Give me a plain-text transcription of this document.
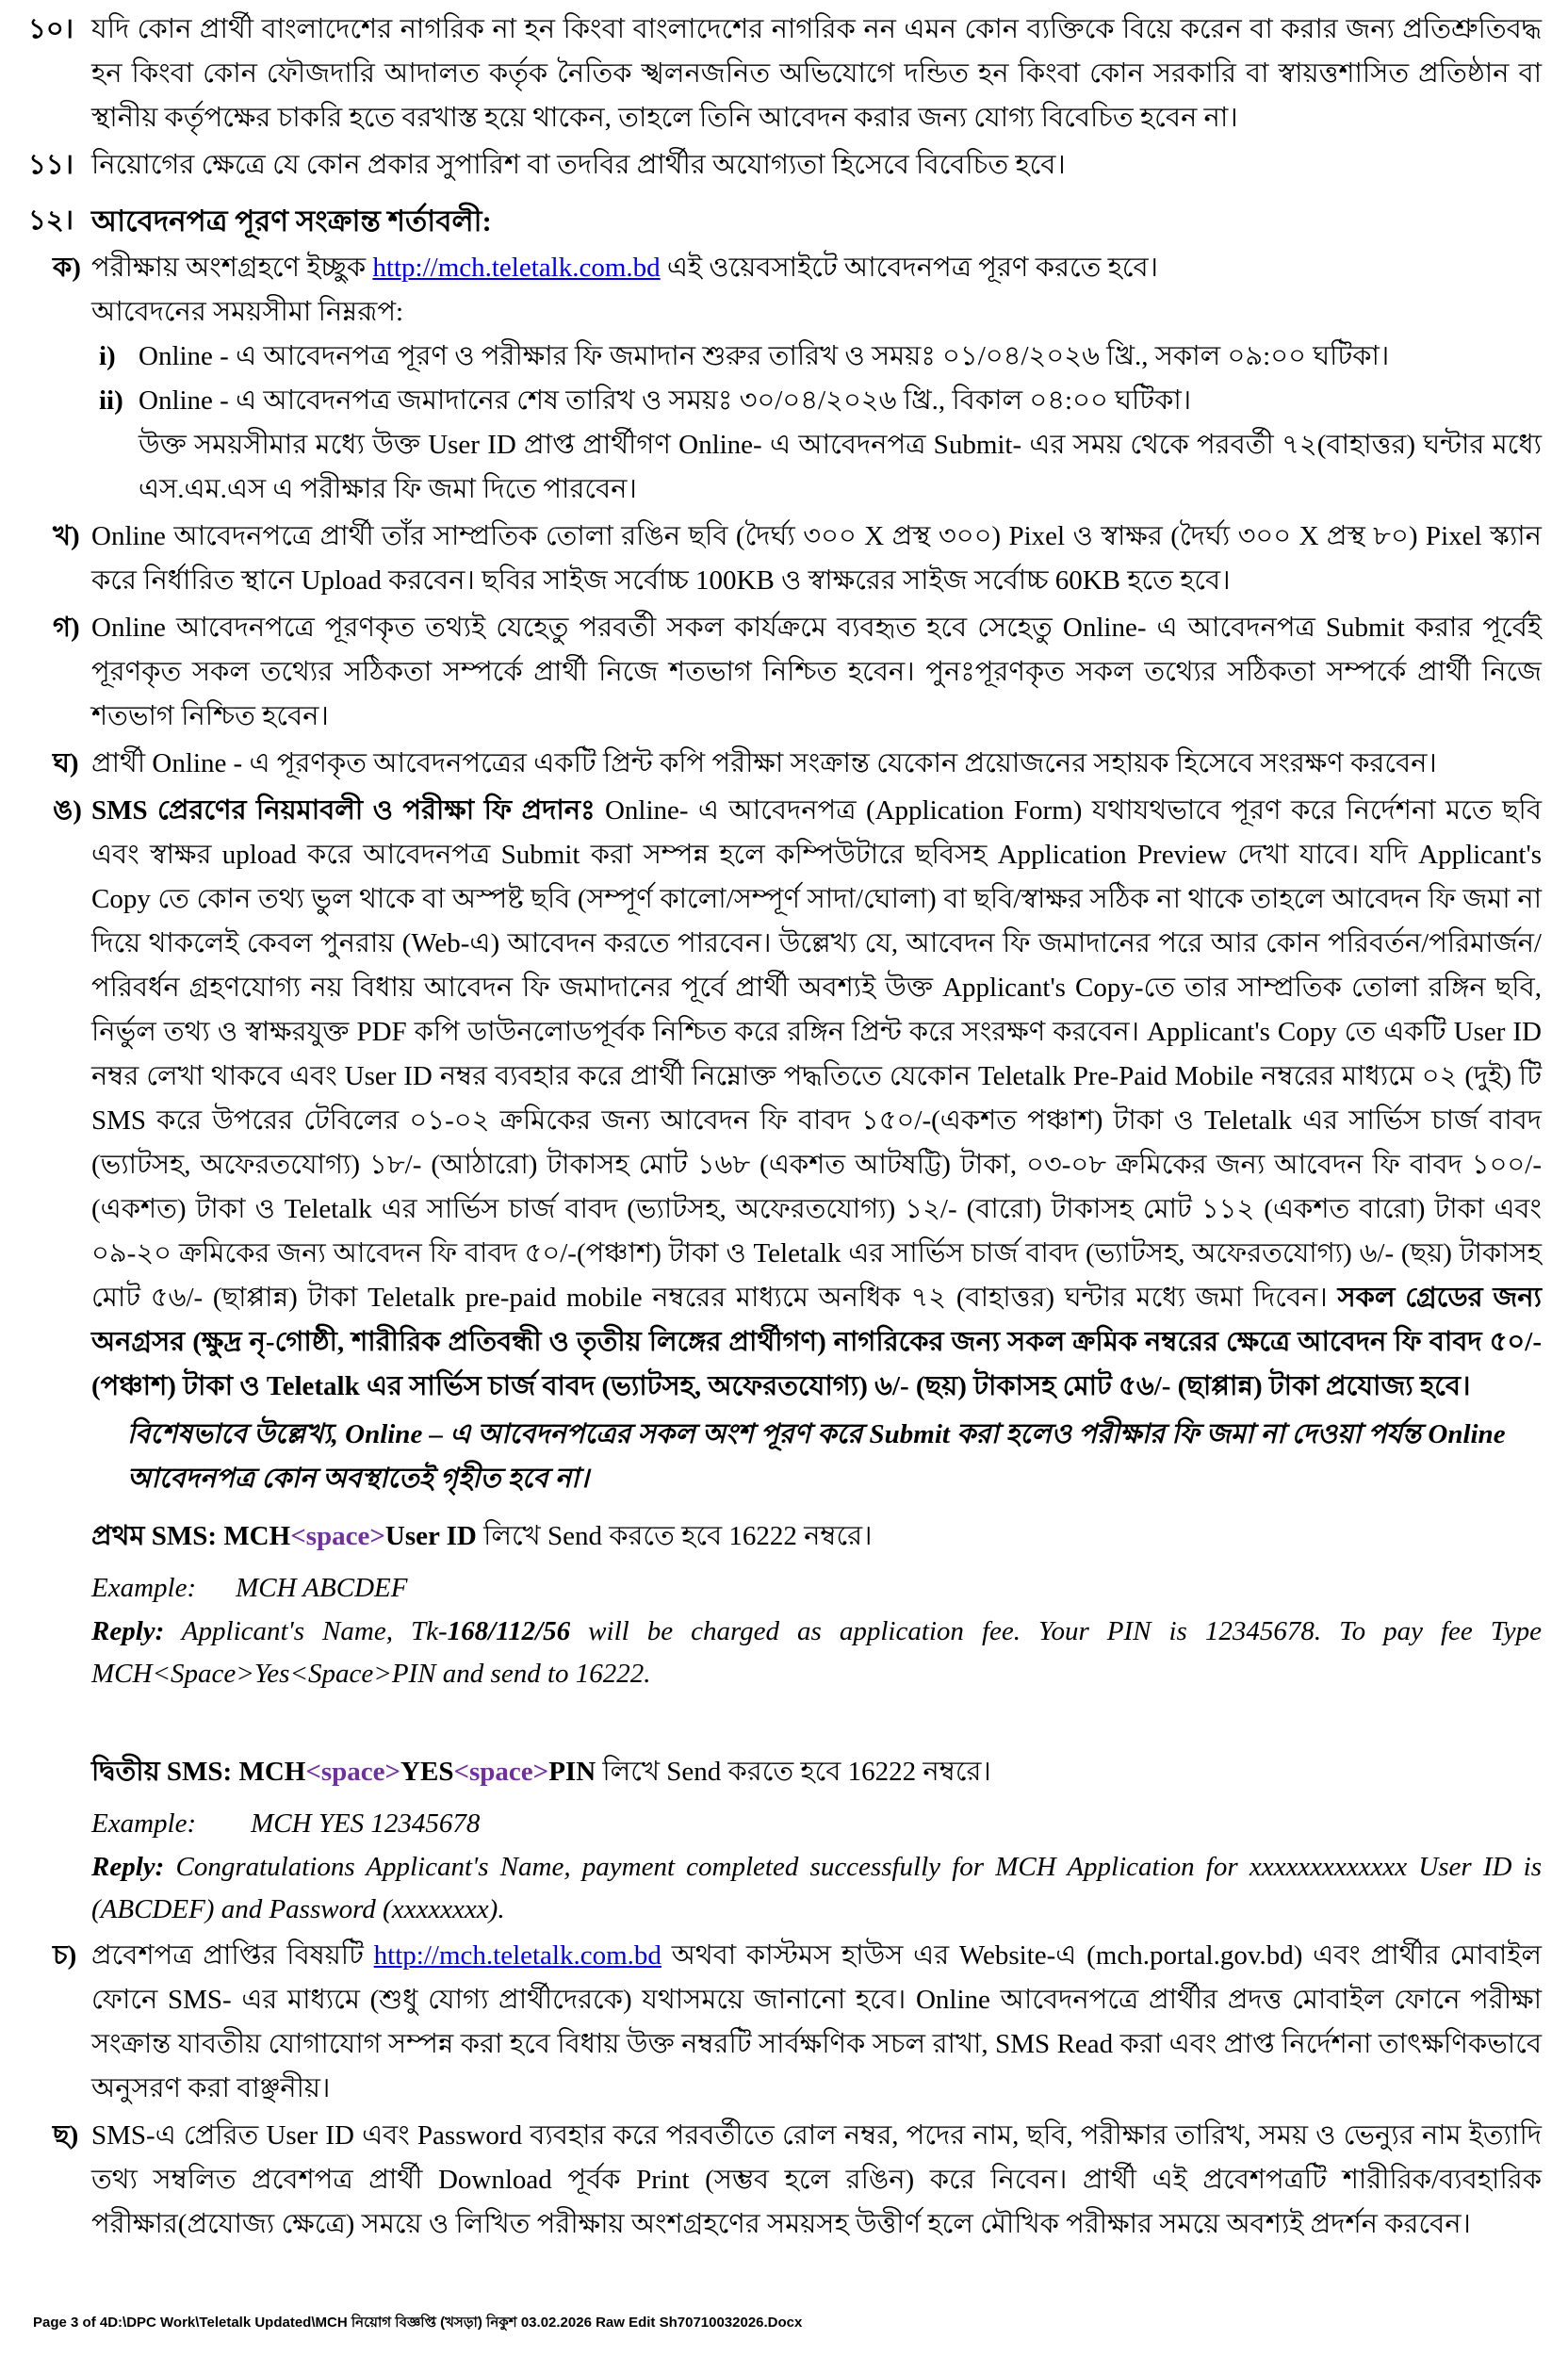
১০। যদি কোন প্রার্থী বাংলাদেশের নাগরিক না হন কিংবা বাংলাদেশের নাগরিক নন এমন কোন ব্যক্তিকে বিয়ে করেন বা করার জন্য প্রতিশ্রুতিবদ্ধ হন কিংবা কোন ফৌজদারি আদালত কর্তৃক নৈতিক স্খলনজনিত অভিযোগে দন্ডিত হন কিংবা কোন সরকারি বা স্বায়ত্তশাসিত প্রতিষ্ঠান বা স্থানীয় কর্তৃপক্ষের চাকরি হতে বরখাস্ত হয়ে থাকেন, তাহলে তিনি আবেদন করার জন্য যোগ্য বিবেচিত হবেন না।
১১। নিয়োগের ক্ষেত্রে যে কোন প্রকার সুপারিশ বা তদবির প্রার্থীর অযোগ্যতা হিসেবে বিবেচিত হবে।
১২। আবেদনপত্র পূরণ সংক্রান্ত শর্তাবলী:
ক) পরীক্ষায় অংশগ্রহণে ইচ্ছুক http://mch.teletalk.com.bd এই ওয়েবসাইটে আবেদনপত্র পূরণ করতে হবে।
আবেদনের সময়সীমা নিম্নরূপ:
i) Online - এ আবেদনপত্র পূরণ ও পরীক্ষার ফি জমাদান শুরুর তারিখ ও সময়ঃ ০১/০৪/২০২৬ খ্রি., সকাল ০৯:০০ ঘটিকা।
ii) Online - এ আবেদনপত্র জমাদানের শেষ তারিখ ও সময়ঃ ৩০/০৪/২০২৬ খ্রি., বিকাল ০৪:০০ ঘটিকা।
উক্ত সময়সীমার মধ্যে উক্ত User ID প্রাপ্ত প্রার্থীগণ Online- এ আবেদনপত্র Submit- এর সময় থেকে পরবর্তী ৭২(বাহাত্তর) ঘন্টার মধ্যে এস.এম.এস এ পরীক্ষার ফি জমা দিতে পারবেন।
খ) Online আবেদনপত্রে প্রার্থী তাঁর সাম্প্রতিক তোলা রঙিন ছবি (দৈর্ঘ্য ৩০০ X প্রস্থ ৩০০) Pixel ও স্বাক্ষর (দৈর্ঘ্য ৩০০ X প্রস্থ ৮০) Pixel স্ক্যান করে নির্ধারিত স্থানে Upload করবেন। ছবির সাইজ সর্বোচ্চ 100KB ও স্বাক্ষরের সাইজ সর্বোচ্চ 60KB হতে হবে।
গ) Online আবেদনপত্রে পূরণকৃত তথ্যই যেহেতু পরবর্তী সকল কার্যক্রমে ব্যবহৃত হবে সেহেতু Online- এ আবেদনপত্র Submit করার পূর্বেই পূরণকৃত সকল তথ্যের সঠিকতা সম্পর্কে প্রার্থী নিজে শতভাগ নিশ্চিত হবেন। পুনঃপূরণকৃত সকল তথ্যের সঠিকতা সম্পর্কে প্রার্থী নিজে শতভাগ নিশ্চিত হবেন।
ঘ) প্রার্থী Online - এ পূরণকৃত আবেদনপত্রের একটি প্রিন্ট কপি পরীক্ষা সংক্রান্ত যেকোন প্রয়োজনের সহায়ক হিসেবে সংরক্ষণ করবেন।
ঙ) SMS প্রেরণের নিয়মাবলী ও পরীক্ষা ফি প্রদানঃ Online- এ আবেদনপত্র (Application Form) যথাযথভাবে পূরণ করে নির্দেশনা মতে ছবি এবং স্বাক্ষর upload করে আবেদনপত্র Submit করা সম্পন্ন হলে কম্পিউটারে ছবিসহ Application Preview দেখা যাবে। যদি Applicant's Copy তে কোন তথ্য ভুল থাকে বা অস্পষ্ট ছবি (সম্পূর্ণ কালো/সম্পূর্ণ সাদা/ঘোলা) বা ছবি/স্বাক্ষর সঠিক না থাকে তাহলে আবেদন ফি জমা না দিয়ে থাকলেই কেবল পুনরায় (Web-এ) আবেদন করতে পারবেন। উল্লেখ্য যে, আবেদন ফি জমাদানের পরে আর কোন পরিবর্তন/পরিমার্জন/পরিবর্ধন গ্রহণযোগ্য নয় বিধায় আবেদন ফি জমাদানের পূর্বে প্রার্থী অবশ্যই উক্ত Applicant's Copy-তে তার সাম্প্রতিক তোলা রঙ্গিন ছবি, নির্ভুল তথ্য ও স্বাক্ষরযুক্ত PDF কপি ডাউনলোডপূর্বক নিশ্চিত করে রঙ্গিন প্রিন্ট করে সংরক্ষণ করবেন। Applicant's Copy তে একটি User ID নম্বর লেখা থাকবে এবং User ID নম্বর ব্যবহার করে প্রার্থী নিম্নোক্ত পদ্ধতিতে যেকোন Teletalk Pre-Paid Mobile নম্বরের মাধ্যমে ০২ (দুই) টি SMS করে উপরের টেবিলের ০১-০২ ক্রমিকের জন্য আবেদন ফি বাবদ ১৫০/-(একশত পঞ্চাশ) টাকা ও Teletalk এর সার্ভিস চার্জ বাবদ (ভ্যাটসহ, অফেরতযোগ্য) ১৮/- (আঠারো) টাকাসহ মোট ১৬৮ (একশত আটষট্টি) টাকা, ০৩-০৮ ক্রমিকের জন্য আবেদন ফি বাবদ ১০০/-(একশত) টাকা ও Teletalk এর সার্ভিস চার্জ বাবদ (ভ্যাটসহ, অফেরতযোগ্য) ১২/- (বারো) টাকাসহ মোট ১১২ (একশত বারো) টাকা এবং ০৯-২০ ক্রমিকের জন্য আবেদন ফি বাবদ ৫০/-(পঞ্চাশ) টাকা ও Teletalk এর সার্ভিস চার্জ বাবদ (ভ্যাটসহ, অফেরতযোগ্য) ৬/- (ছয়) টাকাসহ মোট ৫৬/- (ছাপ্পান্ন) টাকা Teletalk pre-paid mobile নম্বরের মাধ্যমে অনধিক ৭২ (বাহাত্তর) ঘন্টার মধ্যে জমা দিবেন। সকল গ্রেডের জন্য অনগ্রসর (ক্ষুদ্র নৃ-গোষ্ঠী, শারীরিক প্রতিবন্ধী ও তৃতীয় লিঙ্গের প্রার্থীগণ) নাগরিকের জন্য সকল ক্রমিক নম্বরের ক্ষেত্রে আবেদন ফি বাবদ ৫০/-(পঞ্চাশ) টাকা ও Teletalk এর সার্ভিস চার্জ বাবদ (ভ্যাটসহ, অফেরতযোগ্য) ৬/- (ছয়) টাকাসহ মোট ৫৬/- (ছাপ্পান্ন) টাকা প্রযোজ্য হবে।
বিশেষভাবে উল্লেখ্য, Online – এ আবেদনপত্রের সকল অংশ পূরণ করে Submit করা হলেও পরীক্ষার ফি জমা না দেওয়া পর্যন্ত Online আবেদনপত্র কোন অবস্থাতেই গৃহীত হবে না।
প্রথম SMS: MCH<space>User ID লিখে Send করতে হবে 16222 নম্বরে।
Example: MCH ABCDEF
Reply: Applicant's Name, Tk-168/112/56 will be charged as application fee. Your PIN is 12345678. To pay fee Type MCH<Space>Yes<Space>PIN and send to 16222.
দ্বিতীয় SMS: MCH<space>YES<space>PIN লিখে Send করতে হবে 16222 নম্বরে।
Example: MCH YES 12345678
Reply: Congratulations Applicant's Name, payment completed successfully for MCH Application for xxxxxxxxxxxxx User ID is (ABCDEF) and Password (xxxxxxxx).
চ) প্রবেশপত্র প্রাপ্তির বিষয়টি http://mch.teletalk.com.bd অথবা কাস্টমস হাউস এর Website-এ (mch.portal.gov.bd) এবং প্রার্থীর মোবাইল ফোনে SMS- এর মাধ্যমে (শুধু যোগ্য প্রার্থীদেরকে) যথাসময়ে জানানো হবে। Online আবেদনপত্রে প্রার্থীর প্রদত্ত মোবাইল ফোনে পরীক্ষা সংক্রান্ত যাবতীয় যোগাযোগ সম্পন্ন করা হবে বিধায় উক্ত নম্বরটি সার্বক্ষণিক সচল রাখা, SMS Read করা এবং প্রাপ্ত নির্দেশনা তাৎক্ষণিকভাবে অনুসরণ করা বাঞ্ছনীয়।
ছ) SMS-এ প্রেরিত User ID এবং Password ব্যবহার করে পরবর্তীতে রোল নম্বর, পদের নাম, ছবি, পরীক্ষার তারিখ, সময় ও ভেন্যুর নাম ইত্যাদি তথ্য সম্বলিত প্রবেশপত্র প্রার্থী Download পূর্বক Print (সম্ভব হলে রঙিন) করে নিবেন। প্রার্থী এই প্রবেশপত্রটি শারীরিক/ব্যবহারিক পরীক্ষার(প্রযোজ্য ক্ষেত্রে) সময়ে ও লিখিত পরীক্ষায় অংশগ্রহণের সময়সহ উত্তীর্ণ হলে মৌখিক পরীক্ষার সময়ে অবশ্যই প্রদর্শন করবেন।
Page 3 of 4D:\DPC Work\Teletalk Updated\MCH নিয়োগ বিজ্ঞপ্তি (খসড়া) নিকুশ 03.02.2026 Raw Edit Sh70710032026.Docx
